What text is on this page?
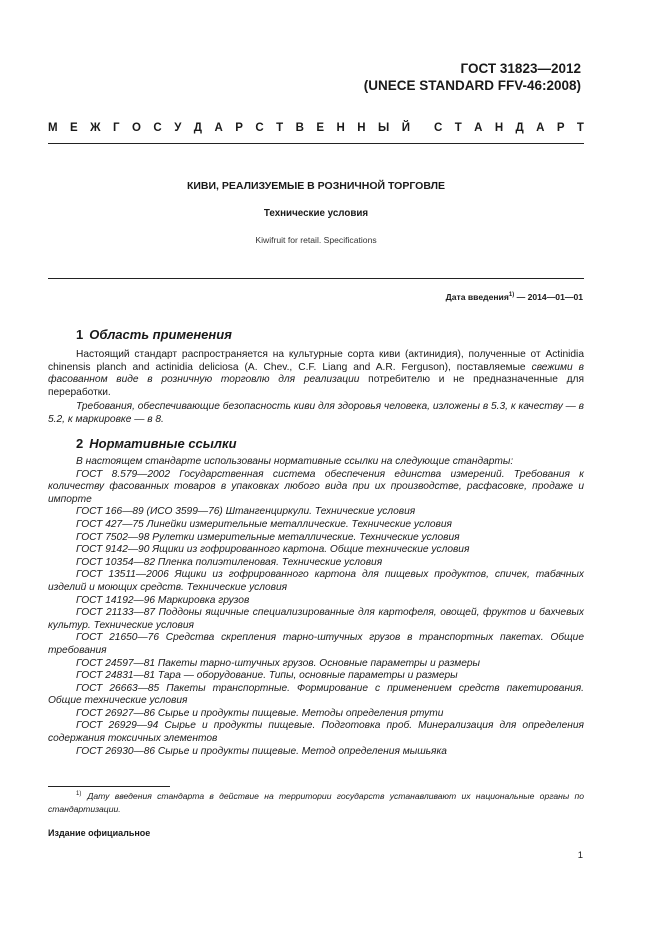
ГОСТ 31823—2012
(UNECE STANDARD FFV-46:2008)
М Е Ж Г О С У Д А Р С Т В Е Н Н Ы Й С Т А Н Д А Р Т
КИВИ, РЕАЛИЗУЕМЫЕ В РОЗНИЧНОЙ ТОРГОВЛЕ
Технические условия
Kiwifruit for retail. Specifications
Дата введения$^{1)}$ — 2014—01—01
1 Область применения
Настоящий стандарт распространяется на культурные сорта киви (актинидия), полученные от Actinidia chinensis planch and actinidia deliciosa (A. Chev., C.F. Liang and A.R. Ferguson), поставляемые свежими в фасованном виде в розничную торговлю для реализации потребителю и не предназначенные для переработки.
Требования, обеспечивающие безопасность киви для здоровья человека, изложены в 5.3, к качеству — в 5.2, к маркировке — в 8.
2 Нормативные ссылки

В настоящем стандарте использованы нормативные ссылки на следующие стандарты:

ГОСТ 8.579—2002 Государственная система обеспечения единства измерений. Требования к количеству фасованных товаров в упаковках любого вида при их производстве, расфасовке, продаже и импорте

ГОСТ 166—89 (ИСО 3599—76) Штангенциркули. Технические условия

ГОСТ 427—75 Линейки измерительные металлические. Технические условия

ГОСТ 7502—98 Рулетки измерительные металлические. Технические условия

ГОСТ 9142—90 Ящики из гофрированного картона. Общие технические условия

ГОСТ 10354—82 Пленка полиэтиленовая. Технические условия

ГОСТ 13511—2006 Ящики из гофрированного картона для пищевых продуктов, спичек, табачных изделий и моющих средств. Технические условия

ГОСТ 14192—96 Маркировка грузов

ГОСТ 21133—87 Поддоны ящичные специализированные для картофеля, овощей, фруктов и бахчевых культур. Технические условия

ГОСТ 21650—76 Средства скрепления тарно-штучных грузов в транспортных пакетах. Общие требования

ГОСТ 24597—81 Пакеты тарно-штучных грузов. Основные параметры и размеры

ГОСТ 24831—81 Тара — оборудование. Типы, основные параметры и размеры

ГОСТ 26663—85 Пакеты транспортные. Формирование с применением средств пакетирования. Общие технические условия

ГОСТ 26927—86 Сырье и продукты пищевые. Методы определения ртути

ГОСТ 26929—94 Сырье и продукты пищевые. Подготовка проб. Минерализация для определения содержания токсичных элементов

ГОСТ 26930—86 Сырье и продукты пищевые. Метод определения мышьяка

$^{1)}$ Дату введения стандарта в действие на территории государств устанавливают их национальные органы по стандартизации.
Издание официальное
1
